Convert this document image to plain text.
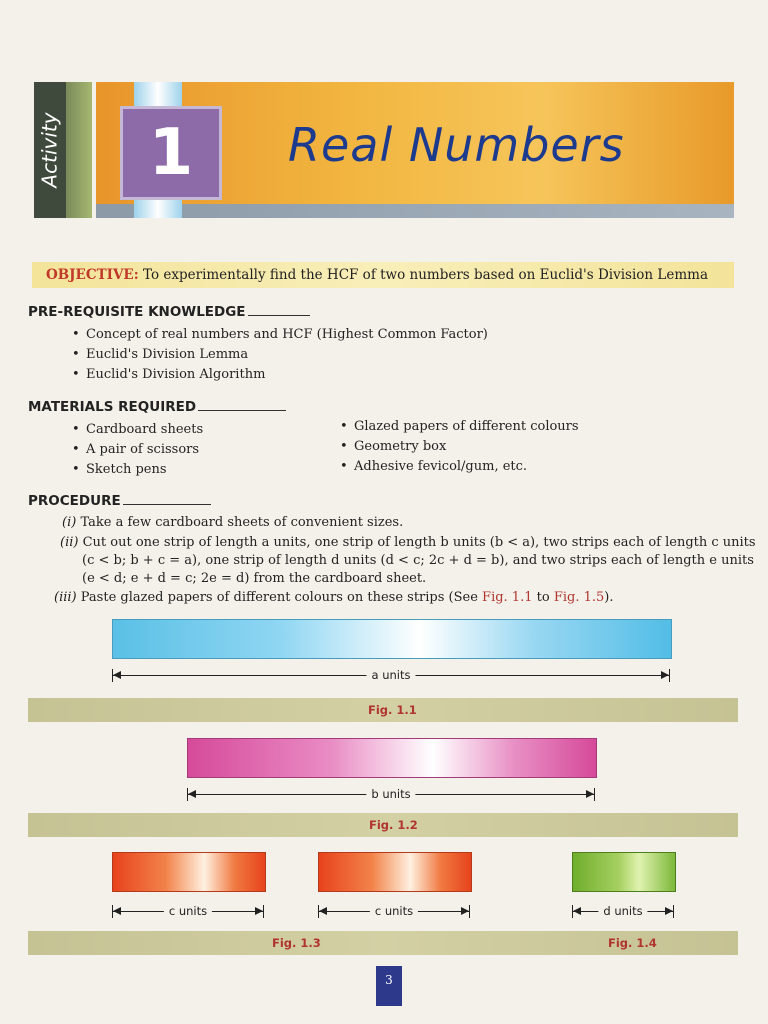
Activity	1	Real Numbers
OBJECTIVE: To experimentally find the HCF of two numbers based on Euclid's Division Lemma
PRE-REQUISITE KNOWLEDGE
• Concept of real numbers and HCF (Highest Common Factor)
• Euclid's Division Lemma
• Euclid's Division Algorithm
MATERIALS REQUIRED
• Cardboard sheets
• A pair of scissors
• Sketch pens
• Glazed papers of different colours
• Geometry box
• Adhesive fevicol/gum, etc.
PROCEDURE
(i) Take a few cardboard sheets of convenient sizes.
(ii) Cut out one strip of length a units, one strip of length b units (b < a), two strips each of length c units
(c < b; b + c = a), one strip of length d units (d < c; 2c + d = b), and two strips each of length e units
(e < d; e + d = c; 2e = d) from the cardboard sheet.
(iii) Paste glazed papers of different colours on these strips (See Fig. 1.1 to Fig. 1.5).
a units
Fig. 1.1
b units
Fig. 1.2
c units	c units	d units
Fig. 1.3	Fig. 1.4
3
